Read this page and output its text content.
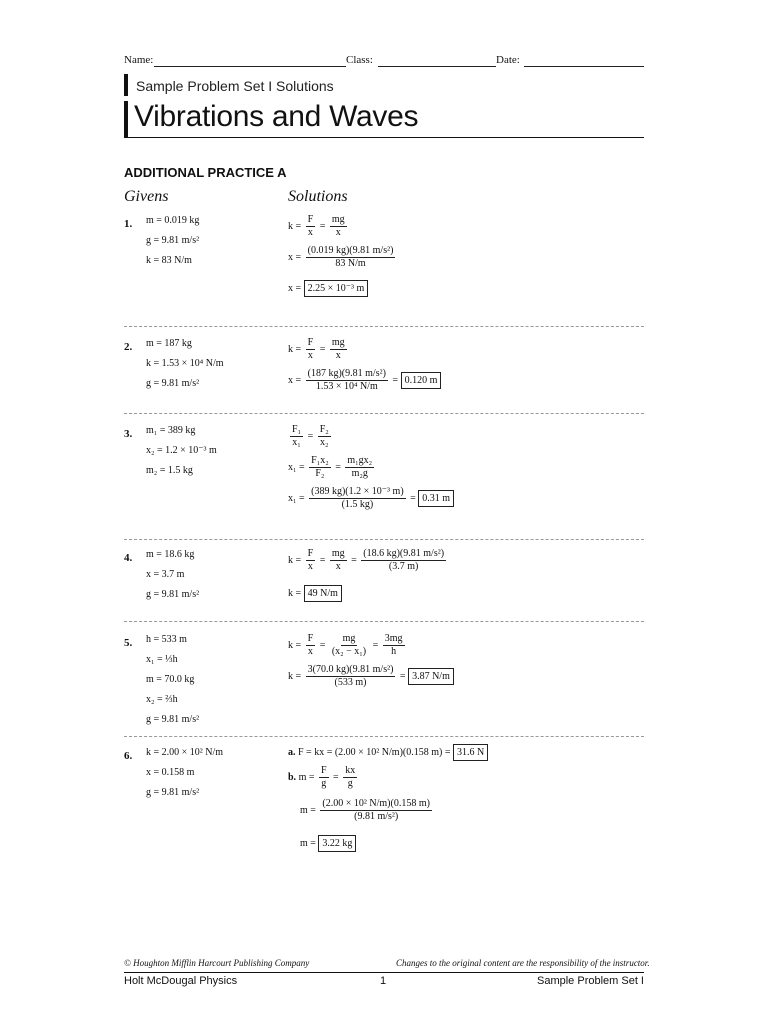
Name:	Class:	Date:
Sample Problem Set I Solutions
Vibrations and Waves
ADDITIONAL PRACTICE A
Givens	Solutions
1. m = 0.019 kg
g = 9.81 m/s²
k = 83 N/m
$k = \frac{F}{x} = \frac{mg}{x}$
$x = \frac{\text{(0.019 kg)(9.81 m/s²)}}{83 N/m}$
x = 2.25 × 10⁻³ m
2. m = 187 kg
k = 1.53 × 10⁴ N/m
g = 9.81 m/s²
$k = \frac{F}{x} = \frac{mg}{x}$
$x = \frac{\text{(187 kg)(9.81 m/s²)}}{\text{1.53 × 10⁴ N/m}} = 0.120$ m
3. m₁ = 389 kg
x₂ = 1.2 × 10⁻³ m
m₂ = 1.5 kg
$\frac{\text{F₁}}{\text{x₁}} = \frac{\text{F₂}}{\text{x₂}}$
$x_1 = \frac{\text{F₁x₂}}{\text{F₂}} = \frac{\text{m₁gx₂}}{\text{m₂g}}$
$x_1 = \frac{\text{(389 kg)(1.2 × 10⁻³ m)}}{(1.5 kg)} = 0.31$ m
4. m = 18.6 kg
x = 3.7 m
g = 9.81 m/s²
$k = \frac{F}{x} = \frac{mg}{x} = \frac{\text{(18.6 kg)(9.81 m/s²)}}{(3.7 m)}$
k = 49 N/m
5. h = 533 m
x₁ = ⅓h
m = 70.0 kg
x₂ = ⅔h
g = 9.81 m/s²
$k = \frac{F}{x} = \frac{mg}{\text{(x₂ − x₁)}} = \frac{3mg}{h}$
$k = \frac{\text{3(70.0 kg)(9.81 m/s²)}}{(533 m)} = 3.87$ N/m
6. k = 2.00 × 10² N/m
x = 0.158 m
g = 9.81 m/s²
a. F = kx = (2.00 × 10² N/m)(0.158 m) = 31.6 N
b. $m = \frac{F}{g} = \frac{kx}{g}$
$m = \frac{\text{(2.00 × 10² N/m)(0.158 m)}}{\text{(9.81 m/s²)}}$
m = 3.22 kg
© Houghton Mifflin Harcourt Publishing Company	Changes to the original content are the responsibility of the instructor.
Holt McDougal Physics	1	Sample Problem Set I
